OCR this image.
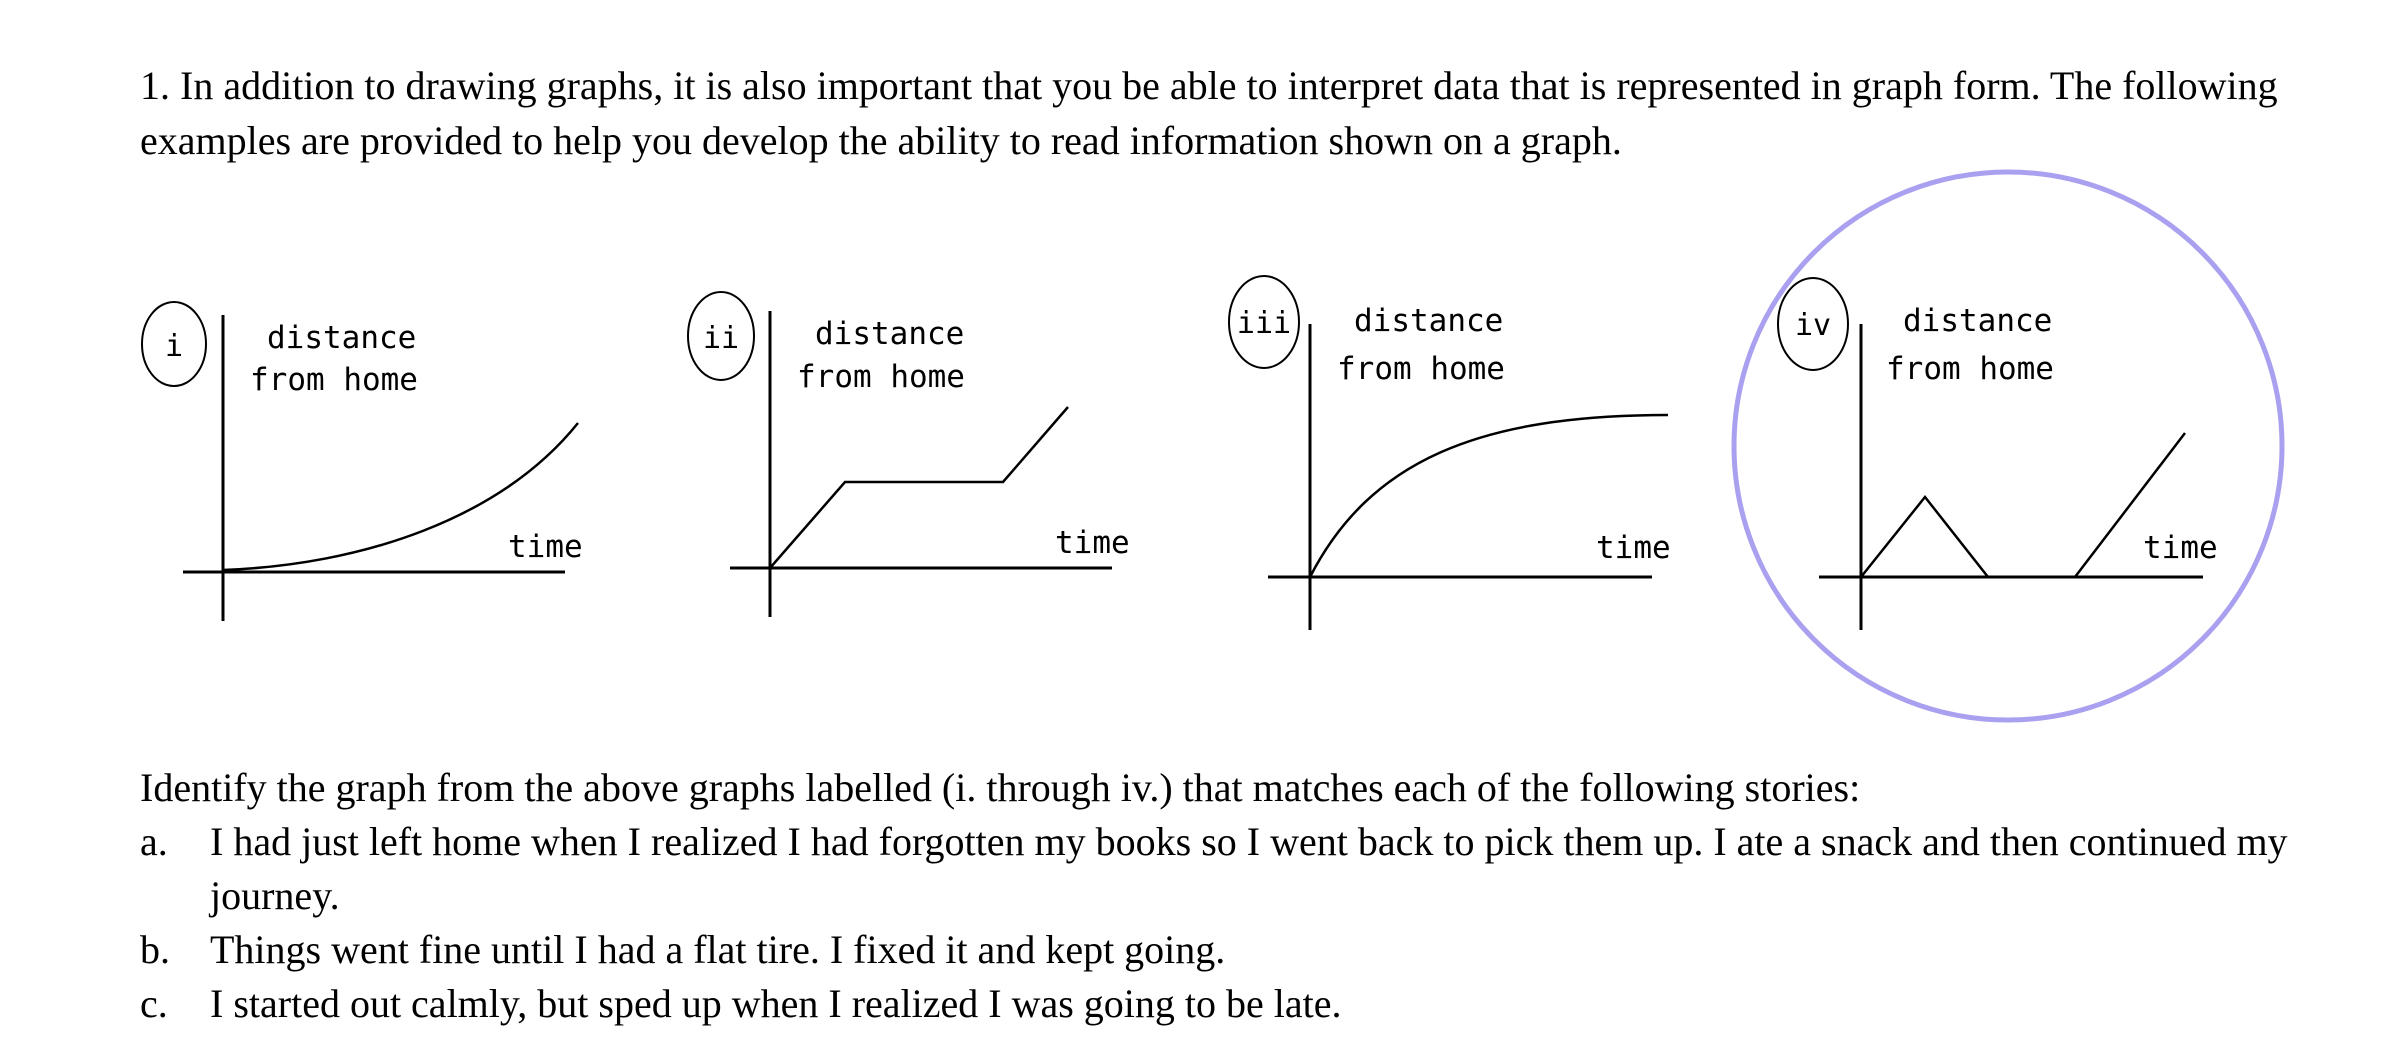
1. In addition to drawing graphs, it is also important that you be able to interpret data that is represented in graph form. The following examples are provided to help you develop the ability to read information shown on a graph.

i	distance
from home
time
ii distance
from home
time
iii distance
from home
time
iv distance
from home
time

Identify the graph from the above graphs labelled (i. through iv.) that matches each of the following stories:

a. I had just left home when I realized I had forgotten my books so I went back to pick them up. I ate a snack and then continued my journey.
b. Things went fine until I had a flat tire. I fixed it and kept going.
c. I started out calmly, but sped up when I realized I was going to be late.
